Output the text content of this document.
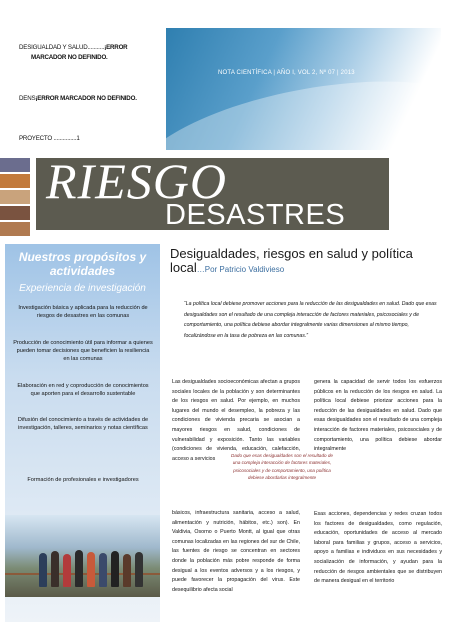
DESIGUALDAD Y SALUD...........¡ERROR
MARCADOR NO DEFINIDO.
DENS¡ERROR MARCADOR NO DEFINIDO.
PROYECTO ...............1
NOTA CIENTÍFICA | AÑO I, VOL 2, Nº 07 | 2013
RIESGO
DESASTRES
Nuestros propósitos y actividades
Experiencia de investigación
Investigación básica y aplicada para la reducción de riesgos de desastres en las comunas
Producción de conocimiento útil para informar a quienes pueden tomar decisiones que beneficien la resiliencia en las comunas
Elaboración en red y coproducción de conocimientos que aporten para el desarrollo sustentable
Difusión del conocimiento a través de actividades de investigación, talleres, seminarios y notas científicas
Formación de profesionales e investigadores
Desigualdades, riesgos en salud y política local…Por Patricio Valdivieso
“La política local debiese promover acciones para la reducción de las desigualdades en salud. Dado que esas desigualdades son el resultado de una compleja interacción de factores materiales, psicosociales y de comportamiento, una política debiese abordar integralmente varias dimensiones al mismo tiempo, focalizándose en la tasa de pobreza en las comunas.”
Las desigualdades socioeconómicas afectan a grupos sociales locales de la población y son determinantes de los riesgos en salud. Por ejemplo, en muchos lugares del mundo el desempleo, la pobreza y las condiciones de vivienda precaria se asocian a mayores riesgos en salud, condiciones de vulnerabilidad y exposición. Tanto las variables (condiciones de vivienda, educación, calefacción, acceso a servicios
Dado que esas desigualdades son el resultado de una compleja interacción de factores materiales, psicosociales y de comportamiento, una política debiese abordarlas integralmente
básicos, infraestructura sanitaria, acceso a salud, alimentación y nutrición, hábitos, etc.) son). En Valdivia, Osorno o Puerto Montt, al igual que otras comunas localizadas en las regiones del sur de Chile, las fuentes de riesgo se concentran en sectores donde la población más pobre responde de forma desigual a los eventos adversos y a los riesgos, y puede favorecer la propagación del virus. Este desequilibrio afecta social
genera la capacidad de servir todos los esfuerzos públicos en la reducción de los riesgos en salud. La política local debiese priorizar acciones para la reducción de las desigualdades en salud. Dado que esas desigualdades son el resultado de una compleja interacción de factores materiales, psicosociales y de comportamiento, una política debiese abordar integralmente
Esas acciones, dependencias y redes cruzan todos los factores de desigualdades, como regulación, educación, oportunidades de acceso al mercado laboral para familias y grupos, acceso a servicios, apoyo a familias e individuos en sus necesidades y socialización de información, y ayudan para la reducción de riesgos ambientales que se distribuyen de manera desigual en el territorio
